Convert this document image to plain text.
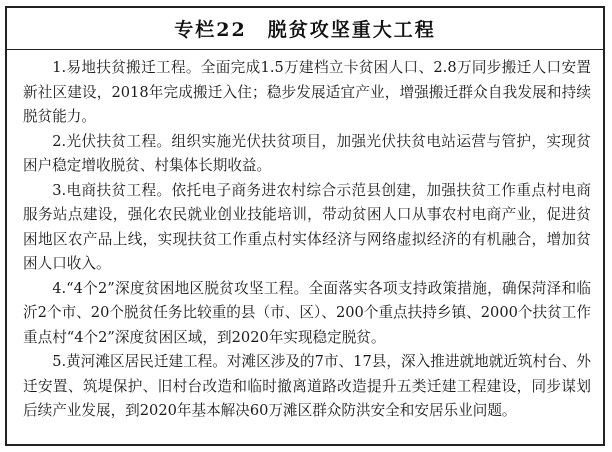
专栏22　脱贫攻坚重大工程

1.易地扶贫搬迁工程。全面完成1.5万建档立卡贫困人口、2.8万同步搬迁人口安置新社区建设，2018年完成搬迁入住；稳步发展适宜产业，增强搬迁群众自我发展和持续脱贫能力。

2.光伏扶贫工程。组织实施光伏扶贫项目，加强光伏扶贫电站运营与管护，实现贫困户稳定增收脱贫、村集体长期收益。

3.电商扶贫工程。依托电子商务进农村综合示范县创建，加强扶贫工作重点村电商服务站点建设，强化农民就业创业技能培训，带动贫困人口从事农村电商产业，促进贫困地区农产品上线，实现扶贫工作重点村实体经济与网络虚拟经济的有机融合，增加贫困人口收入。

4.“4个2”深度贫困地区脱贫攻坚工程。全面落实各项支持政策措施，确保菏泽和临沂2个市、20个脱贫任务比较重的县（市、区）、200个重点扶持乡镇、2000个扶贫工作重点村“4个2”深度贫困区域，到2020年实现稳定脱贫。

5.黄河滩区居民迁建工程。对滩区涉及的7市、17县，深入推进就地就近筑村台、外迁安置、筑堤保护、旧村台改造和临时撤离道路改造提升五类迁建工程建设，同步谋划后续产业发展，到2020年基本解决60万滩区群众防洪安全和安居乐业问题。
